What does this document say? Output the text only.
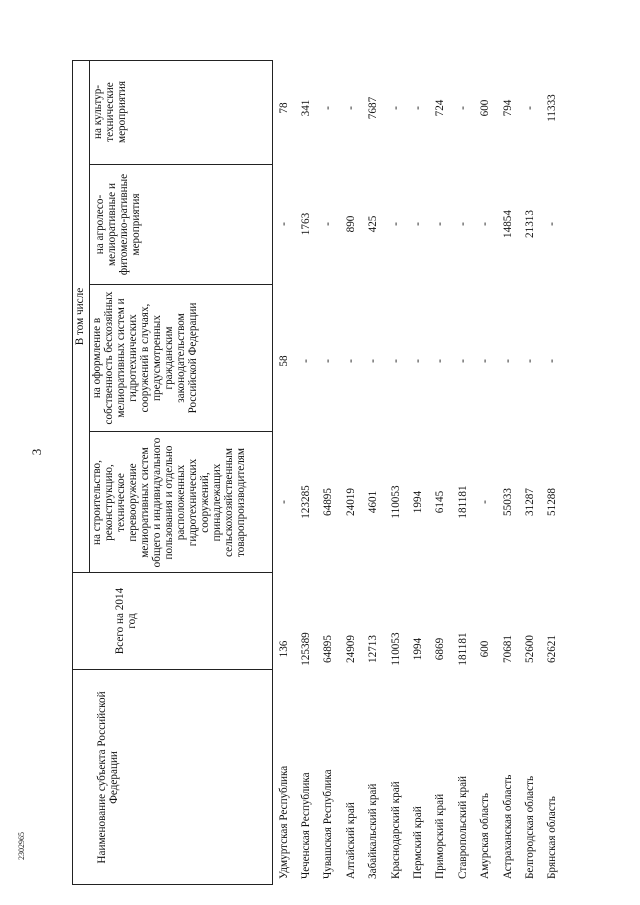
3
2302965	Наименование субъекта Российской Федерации
Всего на 2014 год
В том числе
на строительство, реконструкцию, техническое перевооружение мелиоративных систем общего и индивидуального пользования и отдельно расположенных гидротехнических сооружений, принадлежащих сельскохозяйственным товаропроизводителям
на оформление в собственность бесхозяйных мелиоративных систем и гидротехнических сооружений в случаях, предусмотренных гражданским законодательством Российской Федерации
на агролесо-мелиоративные и фитомелио-ративные мероприятия
на культур-технические мероприятия
Удмуртская Республика
136
-
58
-
78
Чеченская Республика
125389
123285
-
1763
341
Чувашская Республика
64895
64895
-
-
-
Алтайский край
24909
24019
-
890
-
Забайкальский край
12713
4601
-
425
7687
Краснодарский край
110053
110053
-
-
-
Пермский край
1994
1994
-
-
-
Приморский край
6869
6145
-
-
724
Ставропольский край
181181
181181
-
-
-
Амурская область
600
-
-
-
600
Астраханская область
70681
55033
-
14854
794
Белгородская область
52600
31287
-
21313
-
Брянская область
62621
51288
-
-
11333
